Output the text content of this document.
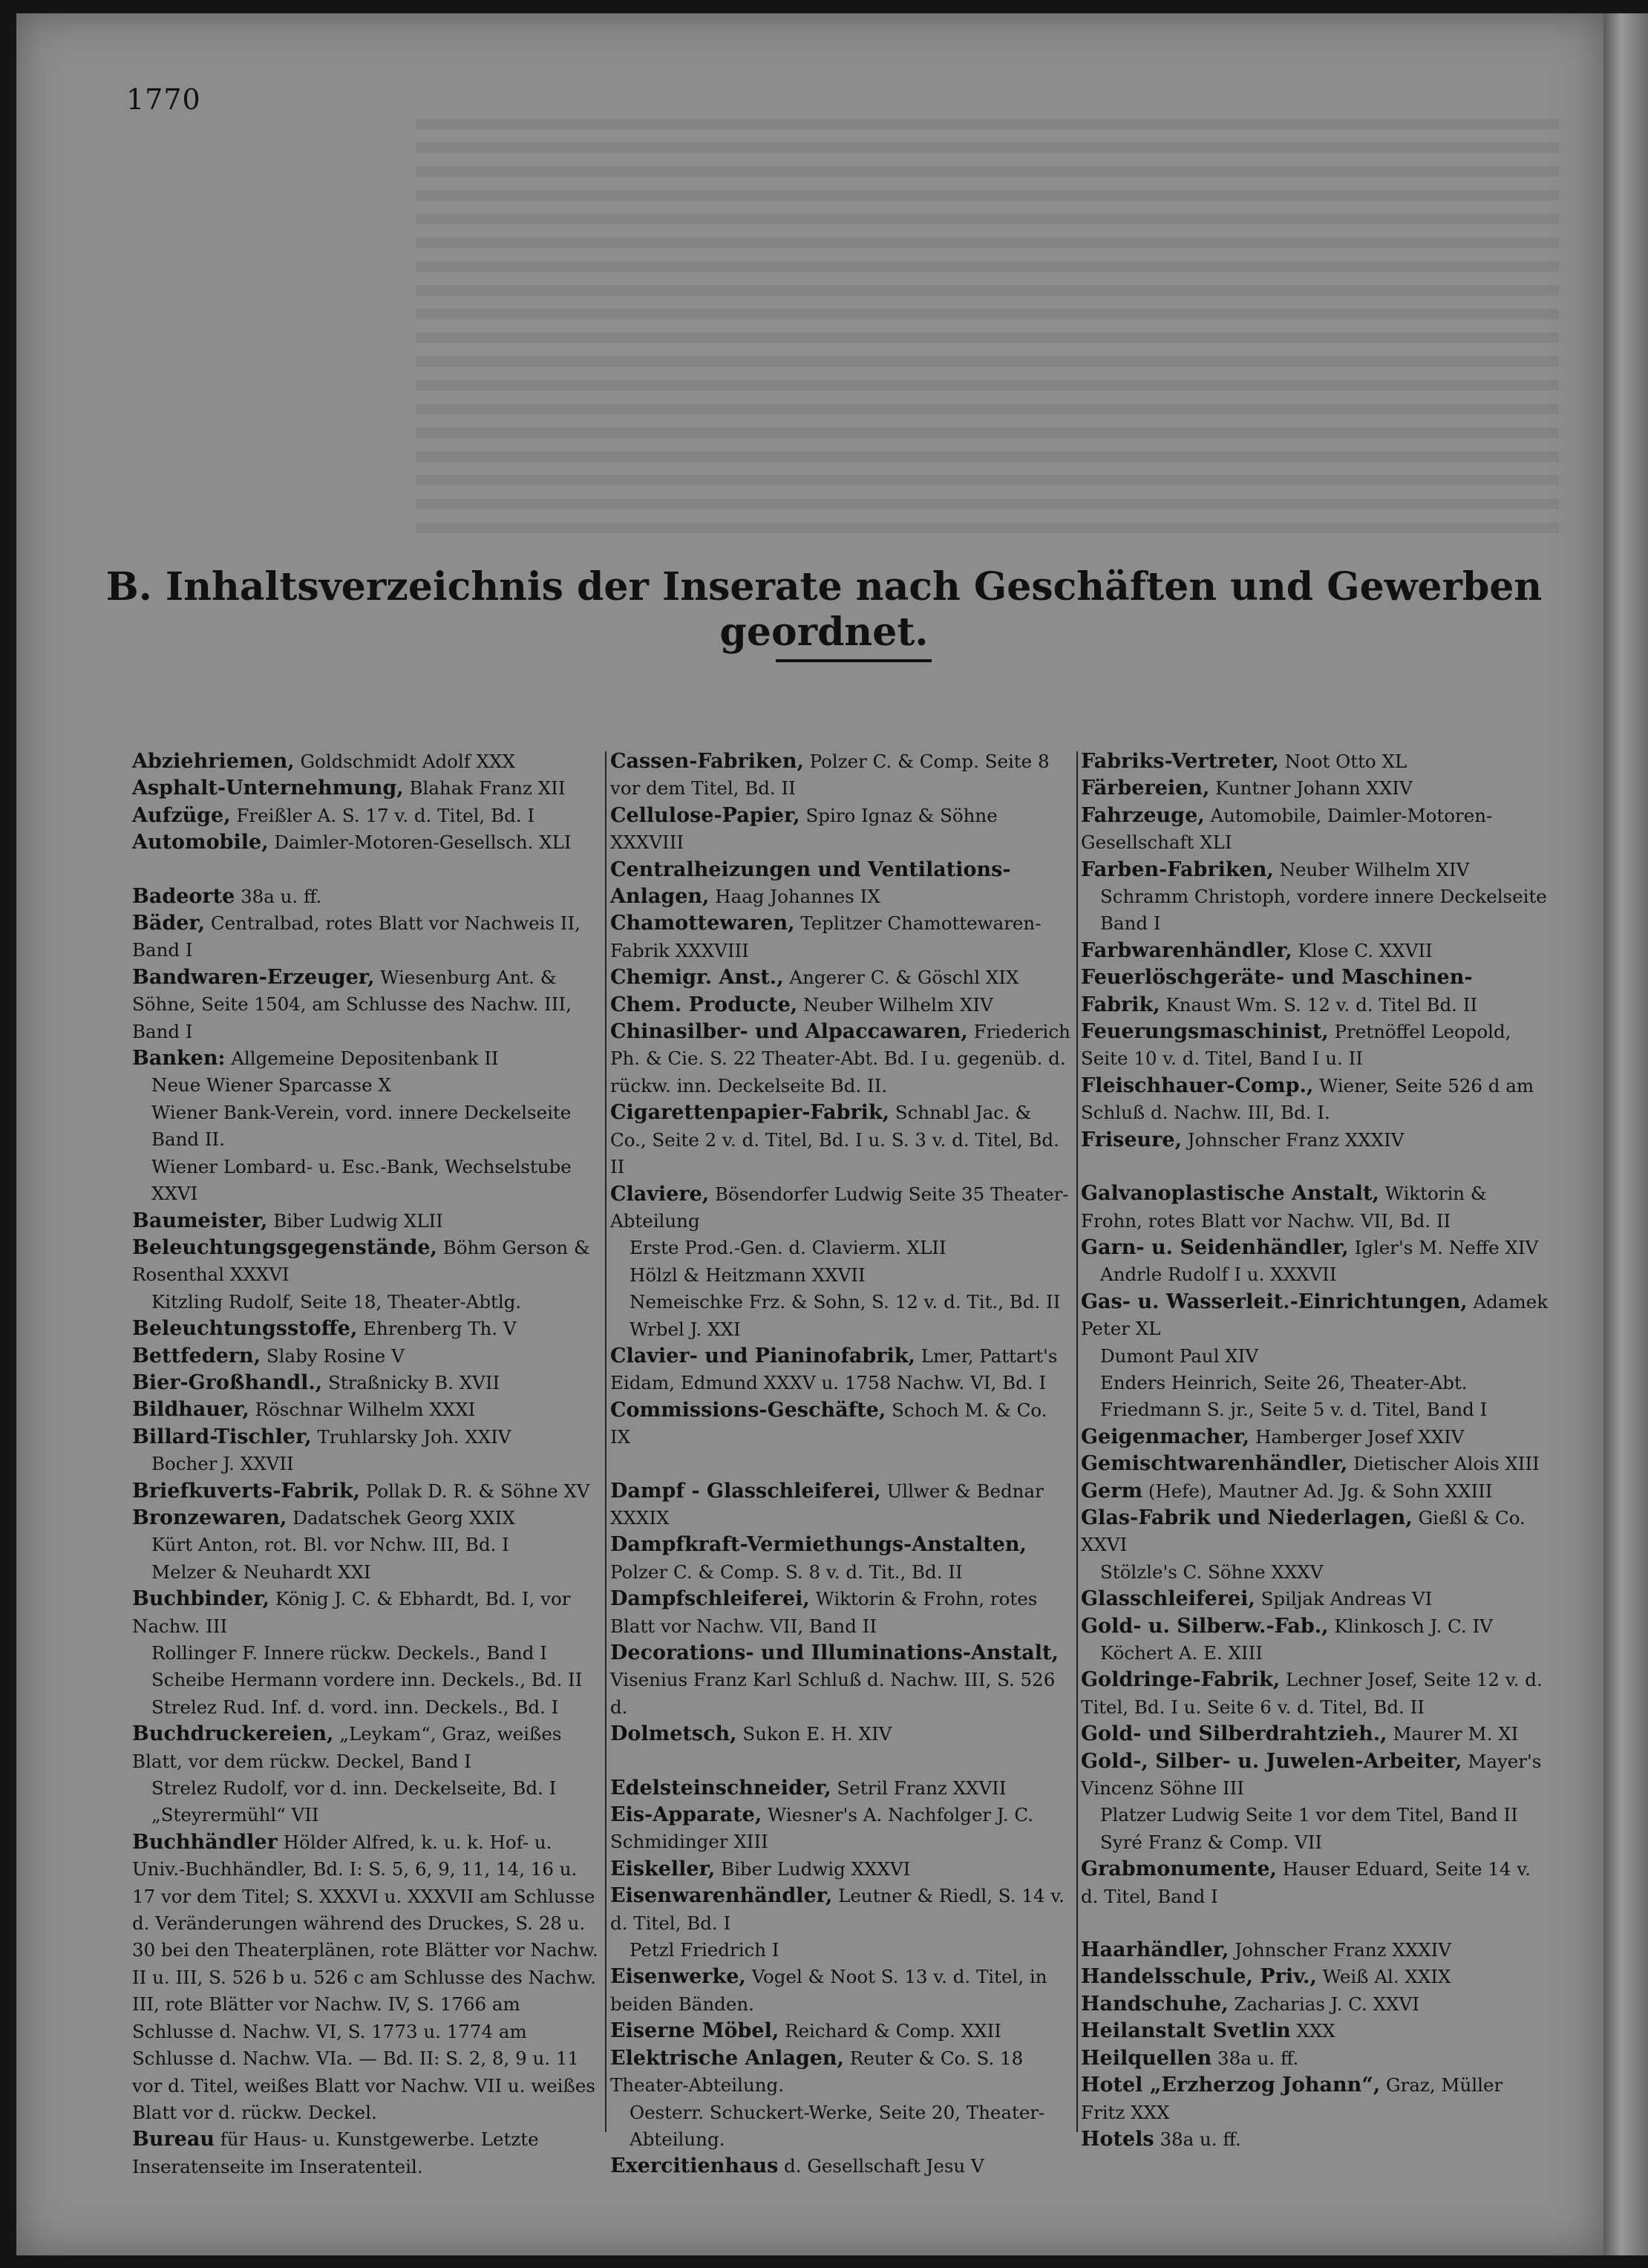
1770
B. Inhaltsverzeichnis der Inserate nach Geschäften und Gewerben geordnet.

Abziehriemen, Goldschmidt Adolf XXX

Asphalt-Unternehmung, Blahak Franz XII

Aufzüge, Freißler A. S. 17 v. d. Titel, Bd. I

Automobile, Daimler-Motoren-Gesellsch. XLI

Badeorte 38a u. ff.

Bäder, Centralbad, rotes Blatt vor Nachweis II, Band I

Bandwaren-Erzeuger, Wiesenburg Ant. & Söhne, Seite 1504, am Schlusse des Nachw. III, Band I

Banken: Allgemeine Depositenbank II
Neue Wiener Sparcasse X
Wiener Bank-Verein, vord. innere Deckelseite Band II.
Wiener Lombard- u. Esc.-Bank, Wechselstube XXVI

Baumeister, Biber Ludwig XLII

Beleuchtungsgegenstände, Böhm Gerson & Rosenthal XXXVI
Kitzling Rudolf, Seite 18, Theater-Abtlg.

Beleuchtungsstoffe, Ehrenberg Th. V

Bettfedern, Slaby Rosine V

Bier-Großhandl., Straßnicky B. XVII

Bildhauer, Röschnar Wilhelm XXXI

Billard-Tischler, Truhlarsky Joh. XXIV
Bocher J. XXVII

Briefkuverts-Fabrik, Pollak D. R. & Söhne XV

Bronzewaren, Dadatschek Georg XXIX
Kürt Anton, rot. Bl. vor Nchw. III, Bd. I
Melzer & Neuhardt XXI

Buchbinder, König J. C. & Ebhardt, Bd. I, vor Nachw. III
Rollinger F. Innere rückw. Deckels., Band I
Scheibe Hermann vordere inn. Deckels., Bd. II
Strelez Rud. Inf. d. vord. inn. Deckels., Bd. I

Buchdruckereien, „Leykam“, Graz, weißes Blatt, vor dem rückw. Deckel, Band I
Strelez Rudolf, vor d. inn. Deckelseite, Bd. I
„Steyrermühl“ VII

Buchhändler Hölder Alfred, k. u. k. Hof- u. Univ.-Buchhändler, Bd. I: S. 5, 6, 9, 11, 14, 16 u. 17 vor dem Titel; S. XXXVI u. XXXVII am Schlusse d. Veränderungen während des Druckes, S. 28 u. 30 bei den Theaterplänen, rote Blätter vor Nachw. II u. III, S. 526 b u. 526 c am Schlusse des Nachw. III, rote Blätter vor Nachw. IV, S. 1766 am Schlusse d. Nachw. VI, S. 1773 u. 1774 am Schlusse d. Nachw. VIa. — Bd. II: S. 2, 8, 9 u. 11 vor d. Titel, weißes Blatt vor Nachw. VII u. weißes Blatt vor d. rückw. Deckel.

Bureau für Haus- u. Kunstgewerbe. Letzte Inseratenseite im Inseratenteil.

Cassen-Fabriken, Polzer C. & Comp. Seite 8 vor dem Titel, Bd. II

Cellulose-Papier, Spiro Ignaz & Söhne XXXVIII

Centralheizungen und Ventilations-Anlagen, Haag Johannes IX

Chamottewaren, Teplitzer Chamottewaren-Fabrik XXXVIII

Chemigr. Anst., Angerer C. & Göschl XIX

Chem. Producte, Neuber Wilhelm XIV

Chinasilber- und Alpaccawaren, Friederich Ph. & Cie. S. 22 Theater-Abt. Bd. I u. gegenüb. d. rückw. inn. Deckelseite Bd. II.

Cigarettenpapier-Fabrik, Schnabl Jac. & Co., Seite 2 v. d. Titel, Bd. I u. S. 3 v. d. Titel, Bd. II

Claviere, Bösendorfer Ludwig Seite 35 Theater-Abteilung
Erste Prod.-Gen. d. Clavierm. XLII
Hölzl & Heitzmann XXVII
Nemeischke Frz. & Sohn, S. 12 v. d. Tit., Bd. II
Wrbel J. XXI

Clavier- und Pianinofabrik, Lmer, Pattart's Eidam, Edmund XXXV u. 1758 Nachw. VI, Bd. I

Commissions-Geschäfte, Schoch M. & Co. IX

Dampf - Glasschleiferei, Ullwer & Bednar XXXIX

Dampfkraft-Vermiethungs-Anstalten, Polzer C. & Comp. S. 8 v. d. Tit., Bd. II

Dampfschleiferei, Wiktorin & Frohn, rotes Blatt vor Nachw. VII, Band II

Decorations- und Illuminations-Anstalt, Visenius Franz Karl Schluß d. Nachw. III, S. 526 d.

Dolmetsch, Sukon E. H. XIV

Edelsteinschneider, Setril Franz XXVII

Eis-Apparate, Wiesner's A. Nachfolger J. C. Schmidinger XIII

Eiskeller, Biber Ludwig XXXVI

Eisenwarenhändler, Leutner & Riedl, S. 14 v. d. Titel, Bd. I
Petzl Friedrich I

Eisenwerke, Vogel & Noot S. 13 v. d. Titel, in beiden Bänden.

Eiserne Möbel, Reichard & Comp. XXII

Elektrische Anlagen, Reuter & Co. S. 18 Theater-Abteilung.
Oesterr. Schuckert-Werke, Seite 20, Theater-Abteilung.

Exercitienhaus d. Gesellschaft Jesu V

Fabriks-Vertreter, Noot Otto XL

Färbereien, Kuntner Johann XXIV

Fahrzeuge, Automobile, Daimler-Motoren-Gesellschaft XLI

Farben-Fabriken, Neuber Wilhelm XIV
Schramm Christoph, vordere innere Deckelseite Band I

Farbwarenhändler, Klose C. XXVII

Feuerlöschgeräte- und Maschinen-Fabrik, Knaust Wm. S. 12 v. d. Titel Bd. II

Feuerungsmaschinist, Pretnöffel Leopold, Seite 10 v. d. Titel, Band I u. II

Fleischhauer-Comp., Wiener, Seite 526 d am Schluß d. Nachw. III, Bd. I.

Friseure, Johnscher Franz XXXIV

Galvanoplastische Anstalt, Wiktorin & Frohn, rotes Blatt vor Nachw. VII, Bd. II

Garn- u. Seidenhändler, Igler's M. Neffe XIV
Andrle Rudolf I u. XXXVII

Gas- u. Wasserleit.-Einrichtungen, Adamek Peter XL
Dumont Paul XIV
Enders Heinrich, Seite 26, Theater-Abt.
Friedmann S. jr., Seite 5 v. d. Titel, Band I

Geigenmacher, Hamberger Josef XXIV

Gemischtwarenhändler, Dietischer Alois XIII

Germ (Hefe), Mautner Ad. Jg. & Sohn XXIII

Glas-Fabrik und Niederlagen, Gießl & Co. XXVI
Stölzle's C. Söhne XXXV

Glasschleiferei, Spiljak Andreas VI

Gold- u. Silberw.-Fab., Klinkosch J. C. IV
Köchert A. E. XIII

Goldringe-Fabrik, Lechner Josef, Seite 12 v. d. Titel, Bd. I u. Seite 6 v. d. Titel, Bd. II

Gold- und Silberdrahtzieh., Maurer M. XI

Gold-, Silber- u. Juwelen-Arbeiter, Mayer's Vincenz Söhne III
Platzer Ludwig Seite 1 vor dem Titel, Band II
Syré Franz & Comp. VII

Grabmonumente, Hauser Eduard, Seite 14 v. d. Titel, Band I

Haarhändler, Johnscher Franz XXXIV

Handelsschule, Priv., Weiß Al. XXIX

Handschuhe, Zacharias J. C. XXVI

Heilanstalt Svetlin XXX

Heilquellen 38a u. ff.

Hotel „Erzherzog Johann“, Graz, Müller Fritz XXX

Hotels 38a u. ff.
